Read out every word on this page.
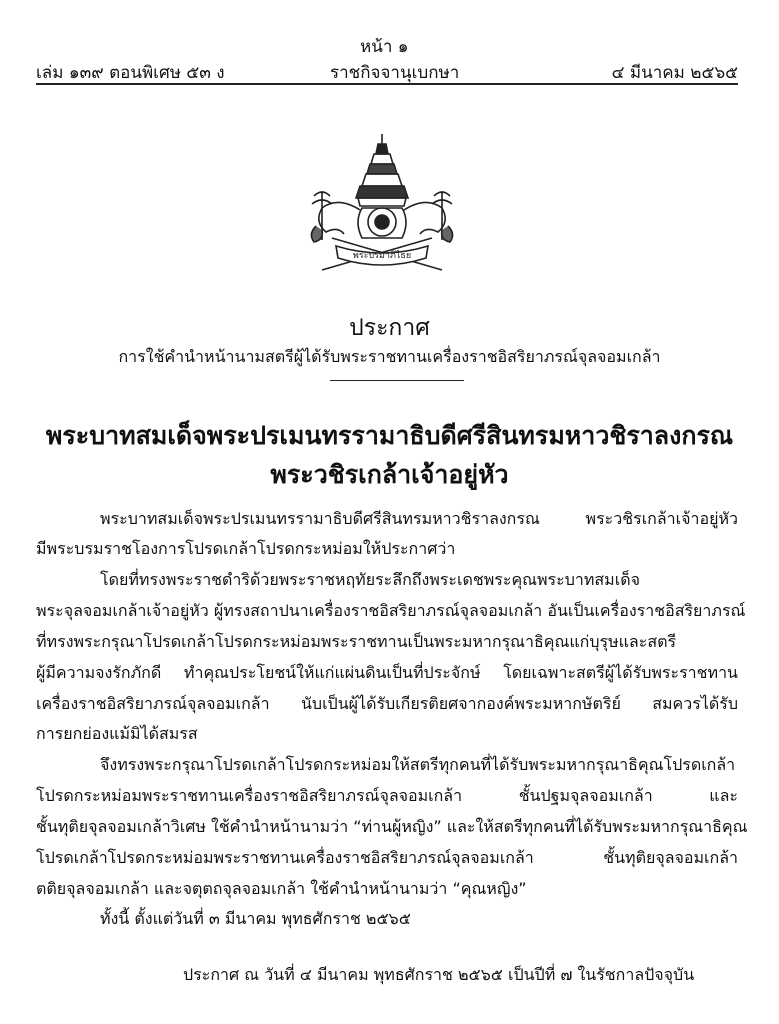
หน้า ๑
เล่ม ๑๓๙ ตอนพิเศษ ๕๓ ง	ราชกิจจานุเบกษา	๔ มีนาคม ๒๕๖๕
พระปรมาภิไธย
ประกาศ
การใช้คำนำหน้านามสตรีผู้ได้รับพระราชทานเครื่องราชอิสริยาภรณ์จุลจอมเกล้า
พระบาทสมเด็จพระปรเมนทรรามาธิบดีศรีสินทรมหาวชิราลงกรณ
พระวชิรเกล้าเจ้าอยู่หัว
พระบาทสมเด็จพระปรเมนทรรามาธิบดีศรีสินทรมหาวชิราลงกรณ พระวชิรเกล้าเจ้าอยู่หัว
มีพระบรมราชโองการโปรดเกล้าโปรดกระหม่อมให้ประกาศว่า
โดยที่ทรงพระราชดำริด้วยพระราชหฤทัยระลึกถึงพระเดชพระคุณพระบาทสมเด็จ
พระจุลจอมเกล้าเจ้าอยู่หัว ผู้ทรงสถาปนาเครื่องราชอิสริยาภรณ์จุลจอมเกล้า อันเป็นเครื่องราชอิสริยาภรณ์
ที่ทรงพระกรุณาโปรดเกล้าโปรดกระหม่อมพระราชทานเป็นพระมหากรุณาธิคุณแก่บุรุษและสตรี
ผู้มีความจงรักภักดี ทำคุณประโยชน์ให้แก่แผ่นดินเป็นที่ประจักษ์ โดยเฉพาะสตรีผู้ได้รับพระราชทาน
เครื่องราชอิสริยาภรณ์จุลจอมเกล้า นับเป็นผู้ได้รับเกียรติยศจากองค์พระมหากษัตริย์ สมควรได้รับ
การยกย่องแม้มิได้สมรส
จึงทรงพระกรุณาโปรดเกล้าโปรดกระหม่อมให้สตรีทุกคนที่ได้รับพระมหากรุณาธิคุณโปรดเกล้า
โปรดกระหม่อมพระราชทานเครื่องราชอิสริยาภรณ์จุลจอมเกล้า ชั้นปฐมจุลจอมเกล้า และ
ชั้นทุติยจุลจอมเกล้าวิเศษ ใช้คำนำหน้านามว่า “ท่านผู้หญิง” และให้สตรีทุกคนที่ได้รับพระมหากรุณาธิคุณ
โปรดเกล้าโปรดกระหม่อมพระราชทานเครื่องราชอิสริยาภรณ์จุลจอมเกล้า ชั้นทุติยจุลจอมเกล้า
ตติยจุลจอมเกล้า และจตุตถจุลจอมเกล้า ใช้คำนำหน้านามว่า “คุณหญิง”
ทั้งนี้ ตั้งแต่วันที่ ๓ มีนาคม พุทธศักราช ๒๕๖๕
ประกาศ ณ วันที่ ๔ มีนาคม พุทธศักราช ๒๕๖๕ เป็นปีที่ ๗ ในรัชกาลปัจจุบัน
